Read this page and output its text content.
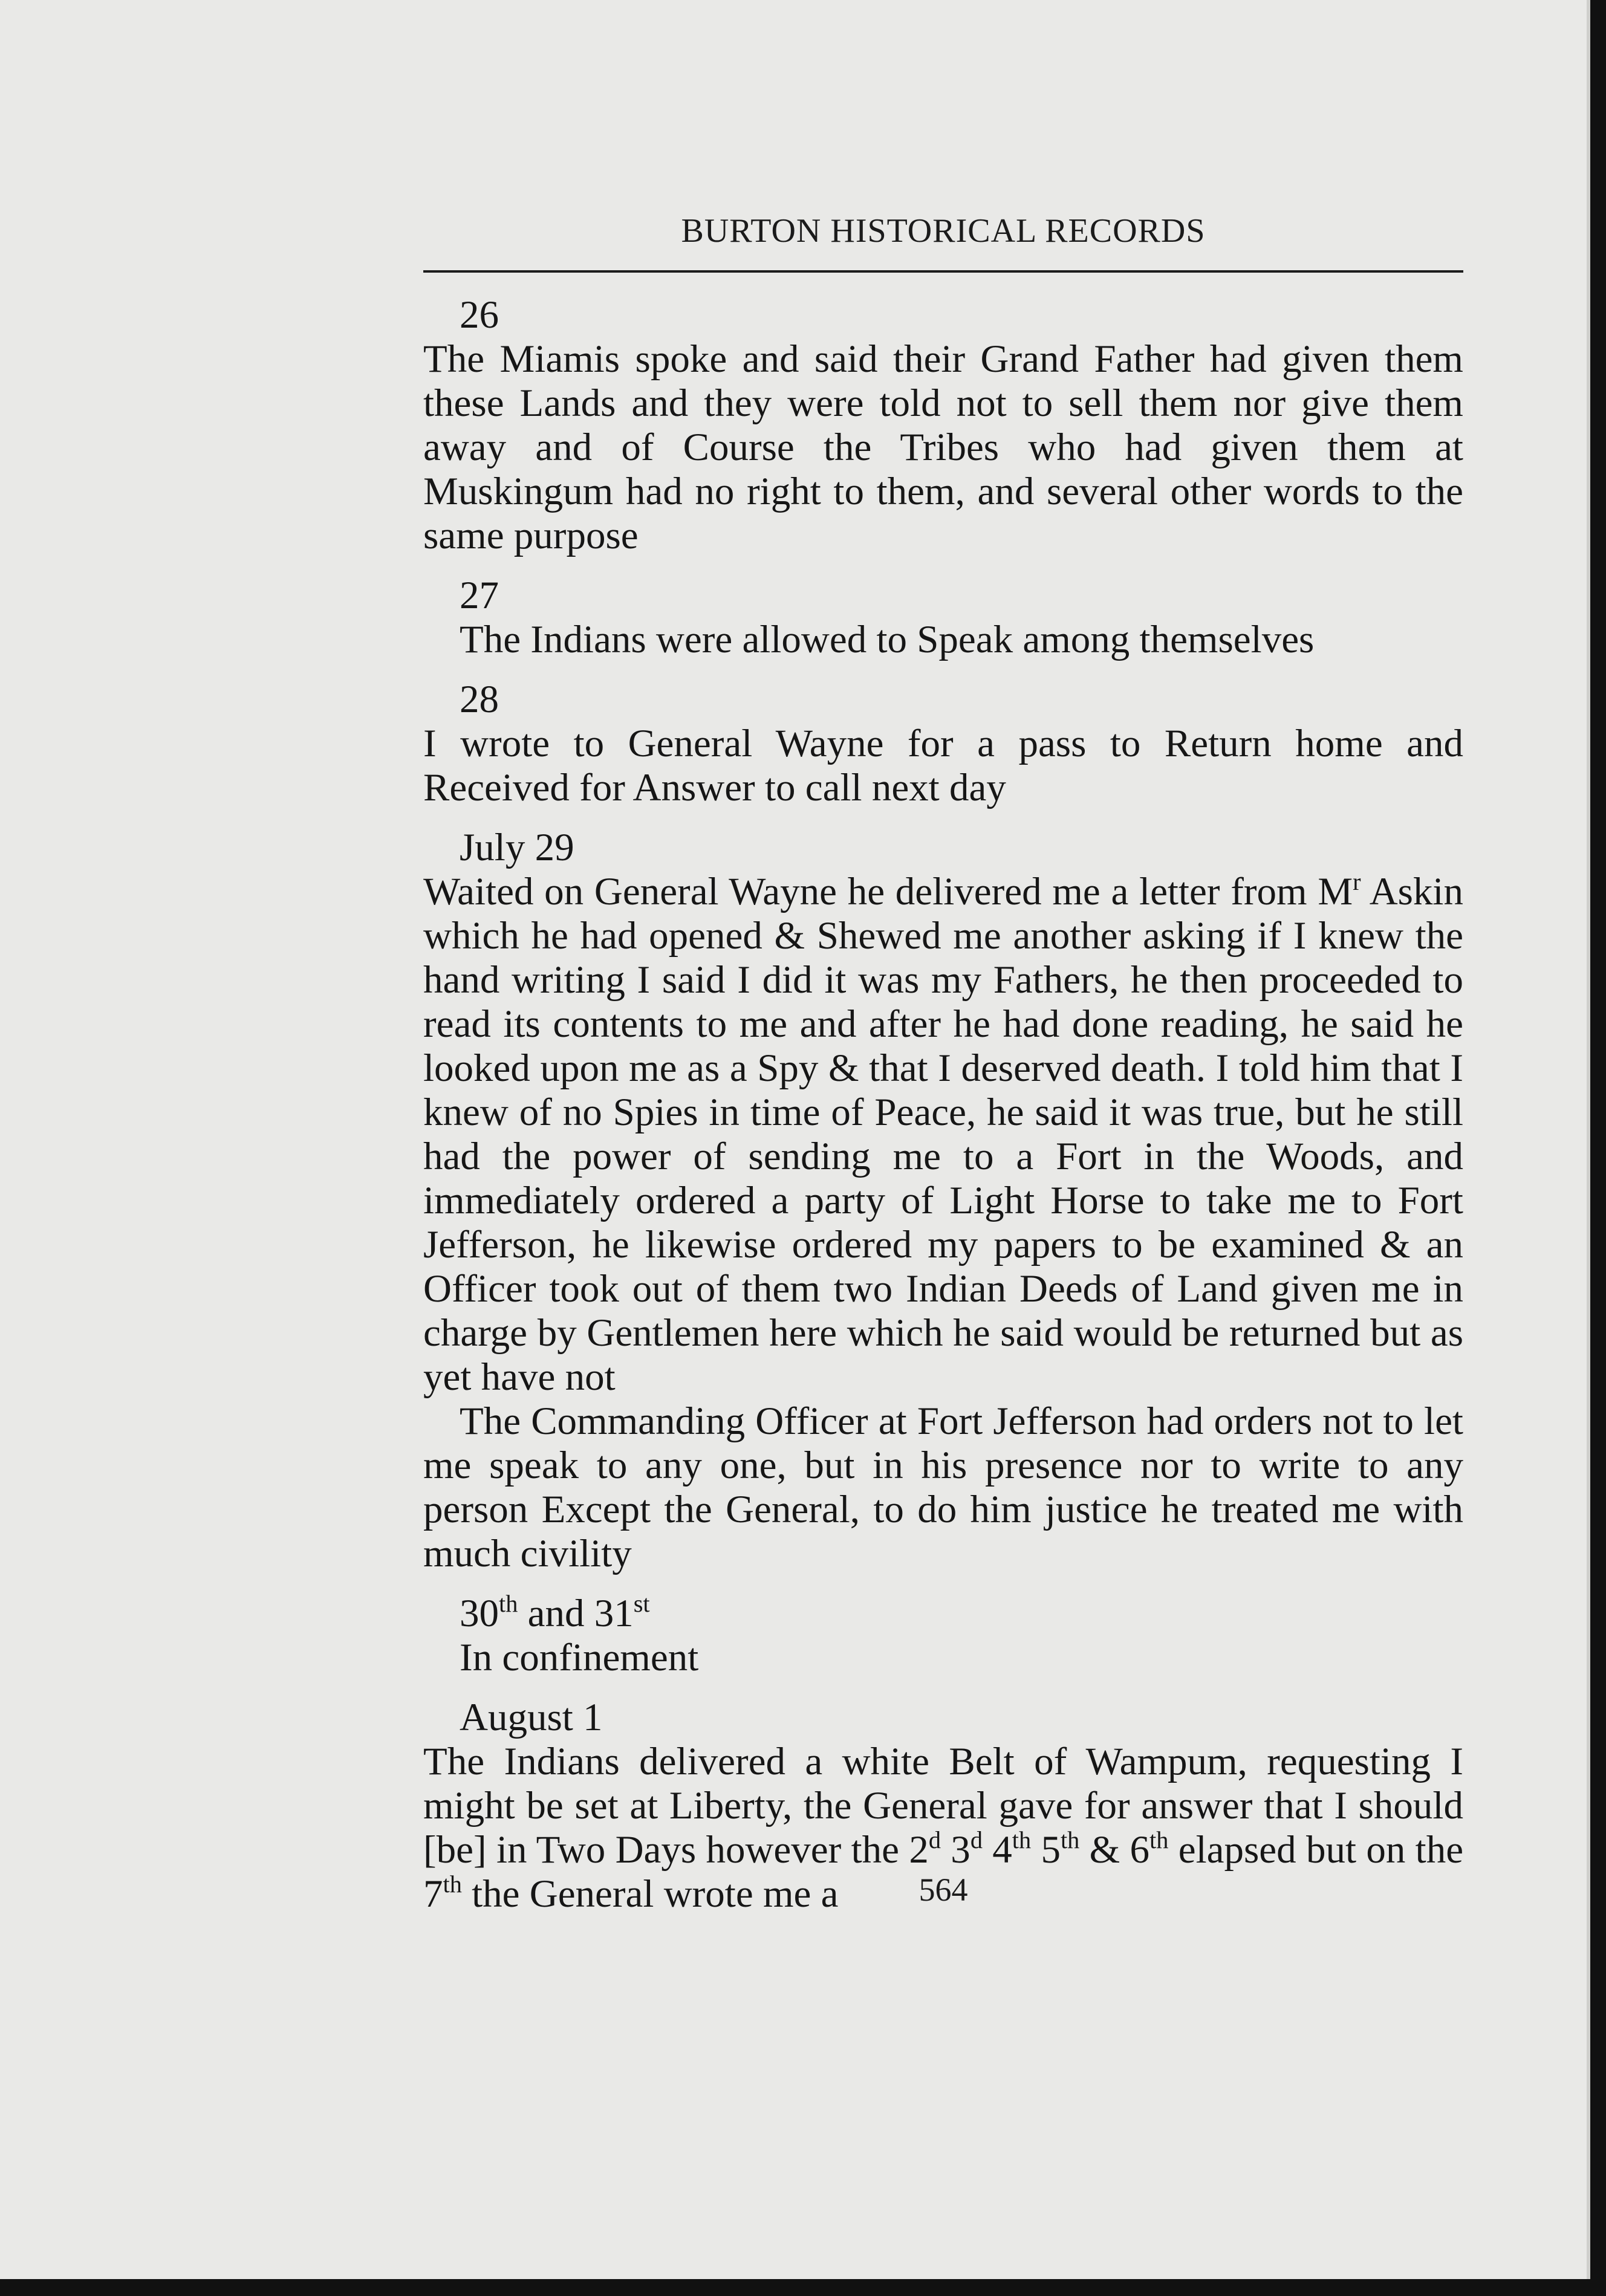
BURTON HISTORICAL RECORDS
26

The Miamis spoke and said their Grand Father had given them these Lands and they were told not to sell them nor give them away and of Course the Tribes who had given them at Muskingum had no right to them, and several other words to the same purpose

27

The Indians were allowed to Speak among themselves

28

I wrote to General Wayne for a pass to Return home and Received for Answer to call next day

July 29

Waited on General Wayne he delivered me a letter from $M^r$ Askin which he had opened & Shewed me another asking if I knew the hand writing I said I did it was my Fathers, he then proceeded to read its contents to me and after he had done reading, he said he looked upon me as a Spy & that I deserved death. I told him that I knew of no Spies in time of Peace, he said it was true, but he still had the power of sending me to a Fort in the Woods, and immediately ordered a party of Light Horse to take me to Fort Jefferson, he likewise ordered my papers to be examined & an Officer took out of them two Indian Deeds of Land given me in charge by Gentlemen here which he said would be returned but as yet have not

The Commanding Officer at Fort Jefferson had orders not to let me speak to any one, but in his presence nor to write to any person Except the General, to do him justice he treated me with much civility

30th and 31st

In confinement

August 1

The Indians delivered a white Belt of Wampum, requesting I might be set at Liberty, the General gave for answer that I should [be] in Two Days however the 2$^d$ 3$^d$ 4th 5th & 6th elapsed but on the 7th the General wrote me a	564
